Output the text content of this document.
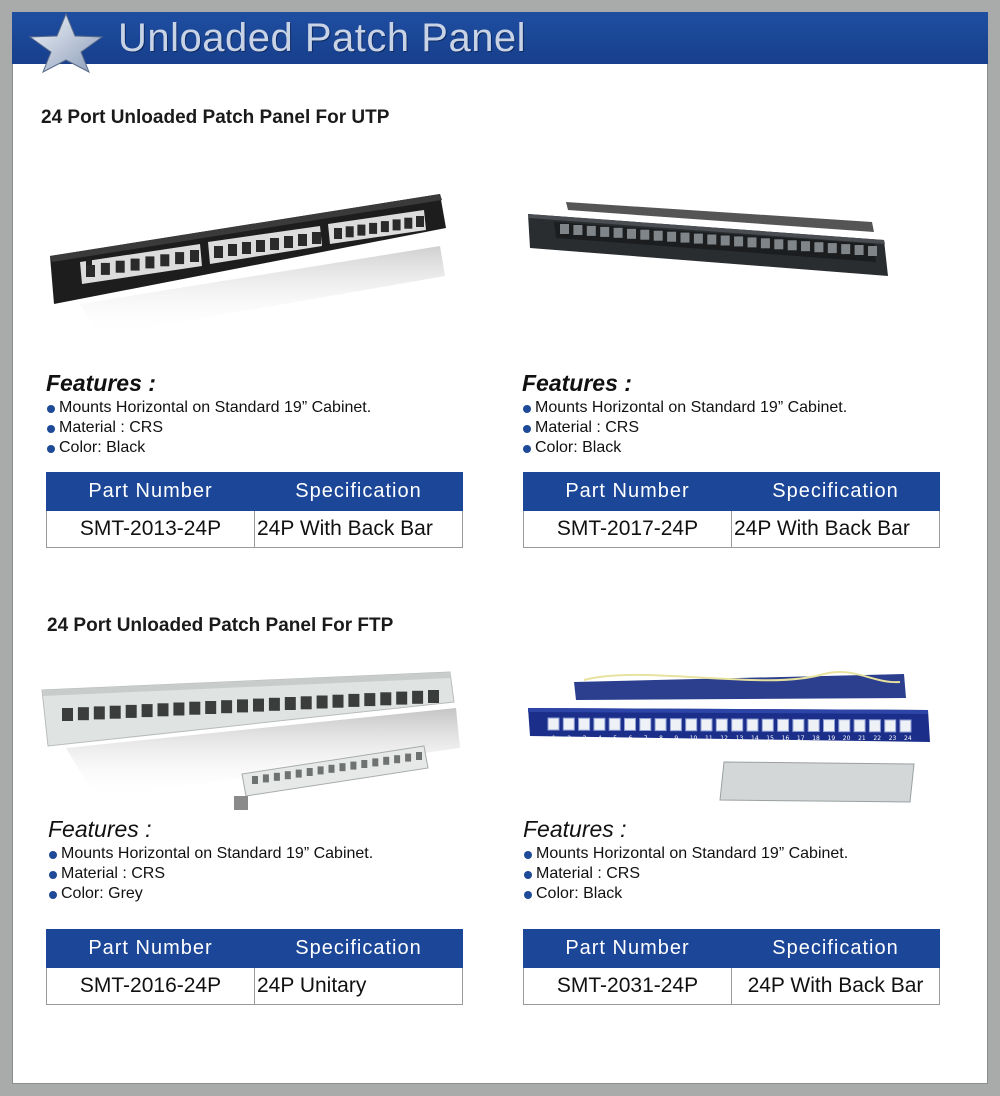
Unloaded Patch Panel
24 Port Unloaded Patch Panel For UTP
Features :
Mounts Horizontal on Standard 19” Cabinet.
Material : CRS
Color: Black
Part Number	Specification
SMT-2013-24P	24P With Back Bar
Features :
Mounts Horizontal on Standard 19” Cabinet.
Material : CRS
Color: Black
Part Number	Specification
SMT-2017-24P	24P With Back Bar
24 Port Unloaded Patch Panel For FTP
1 2 3 4 5 6 7 8 9 10 11 12 13 14 15 16 17 18 19 20 21 22 23 24
Features :
Mounts Horizontal on Standard 19” Cabinet.
Material : CRS
Color: Grey
Part Number	Specification
SMT-2016-24P	24P Unitary
Features :
Mounts Horizontal on Standard 19” Cabinet.
Material : CRS
Color: Black
Part Number	Specification
SMT-2031-24P	24P With Back Bar
